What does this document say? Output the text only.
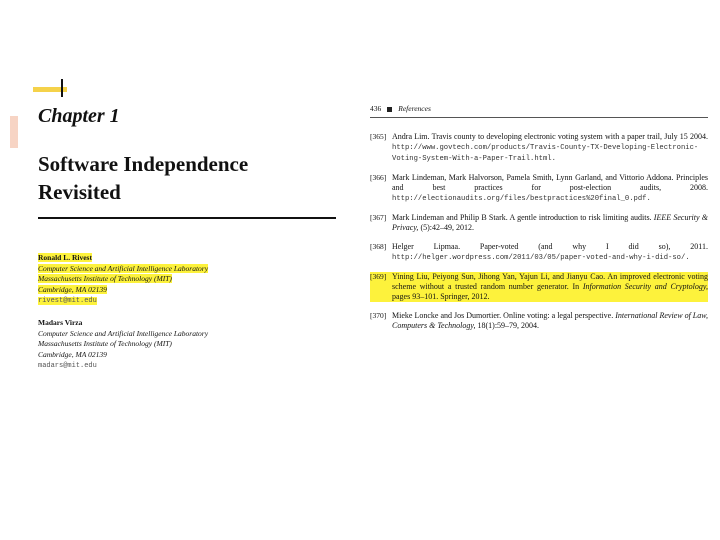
Chapter 1
Software Independence
Revisited
Ronald L. Rivest
Computer Science and Artificial Intelligence Laboratory
Massachusetts Institute of Technology (MIT)
Cambridge, MA 02139
rivest@mit.edu
Madars Virza
Computer Science and Artificial Intelligence Laboratory
Massachusetts Institute of Technology (MIT)
Cambridge, MA 02139
madars@mit.edu
436 References
[365] Andra Lim. Travis county to developing electronic voting system with a paper trail, July 15 2004. http://www.govtech.com/products/Travis-County-TX-Developing-Electronic-Voting-System-With-a-Paper-Trail.html.
[366] Mark Lindeman, Mark Halvorson, Pamela Smith, Lynn Garland, and Vittorio Addona. Principles and best practices for post-election audits, 2008. http://electionaudits.org/files/bestpractices%20final_0.pdf.
[367] Mark Lindeman and Philip B Stark. A gentle introduction to risk limiting audits. IEEE Security & Privacy, (5):42–49, 2012.
[368] Helger Lipmaa. Paper-voted (and why I did so), 2011. http://helger.wordpress.com/2011/03/05/paper-voted-and-why-i-did-so/.
[369] Yining Liu, Peiyong Sun, Jihong Yan, Yajun Li, and Jianyu Cao. An improved electronic voting scheme without a trusted random number generator. In Information Security and Cryptology, pages 93–101. Springer, 2012.
[370] Mieke Loncke and Jos Dumortier. Online voting: a legal perspective. International Review of Law, Computers & Technology, 18(1):59–79, 2004.
